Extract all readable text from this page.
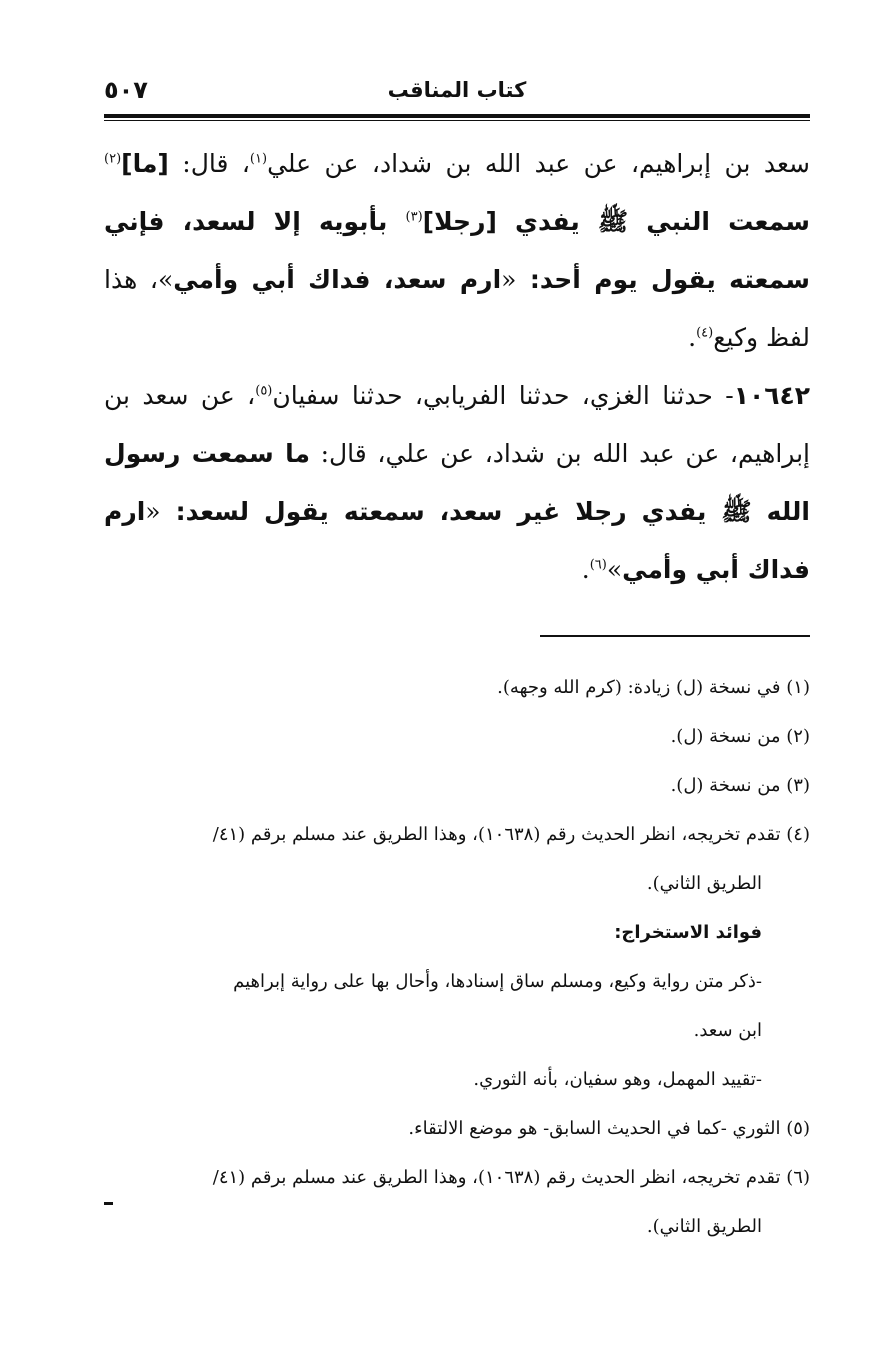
كتاب المناقب
٥٠٧

سعد بن إبراهيم، عن عبد الله بن شداد، عن علي$^{(١)}$، قال: [ما]$^{(٢)}$ سمعت النبي ﷺ يفدي [رجلا]$^{(٣)}$ بأبويه إلا لسعد، فإني سمعته يقول يوم أحد: «ارم سعد، فداك أبي وأمي»، هذا لفظ وكيع$^{(٤)}$.

١٠٦٤٢- حدثنا الغزي، حدثنا الفريابي، حدثنا سفيان$^{(٥)}$، عن سعد بن إبراهيم، عن عبد الله بن شداد، عن علي، قال: ما سمعت رسول الله ﷺ يفدي رجلا غير سعد، سمعته يقول لسعد: «ارم فداك أبي وأمي»$^{(٦)}$.

(١) في نسخة (ل) زيادة: (كرم الله وجهه).

(٢) من نسخة (ل).

(٣) من نسخة (ل).

(٤) تقدم تخريجه، انظر الحديث رقم (١٠٦٣٨)، وهذا الطريق عند مسلم برقم (٤١/

الطريق الثاني).

فوائد الاستخراج:

-ذكر متن رواية وكيع، ومسلم ساق إسنادها، وأحال بها على رواية إبراهيم

ابن سعد.

-تقييد المهمل، وهو سفيان، بأنه الثوري.

(٥) الثوري -كما في الحديث السابق- هو موضع الالتقاء.

(٦) تقدم تخريجه، انظر الحديث رقم (١٠٦٣٨)، وهذا الطريق عند مسلم برقم (٤١/

الطريق الثاني).
